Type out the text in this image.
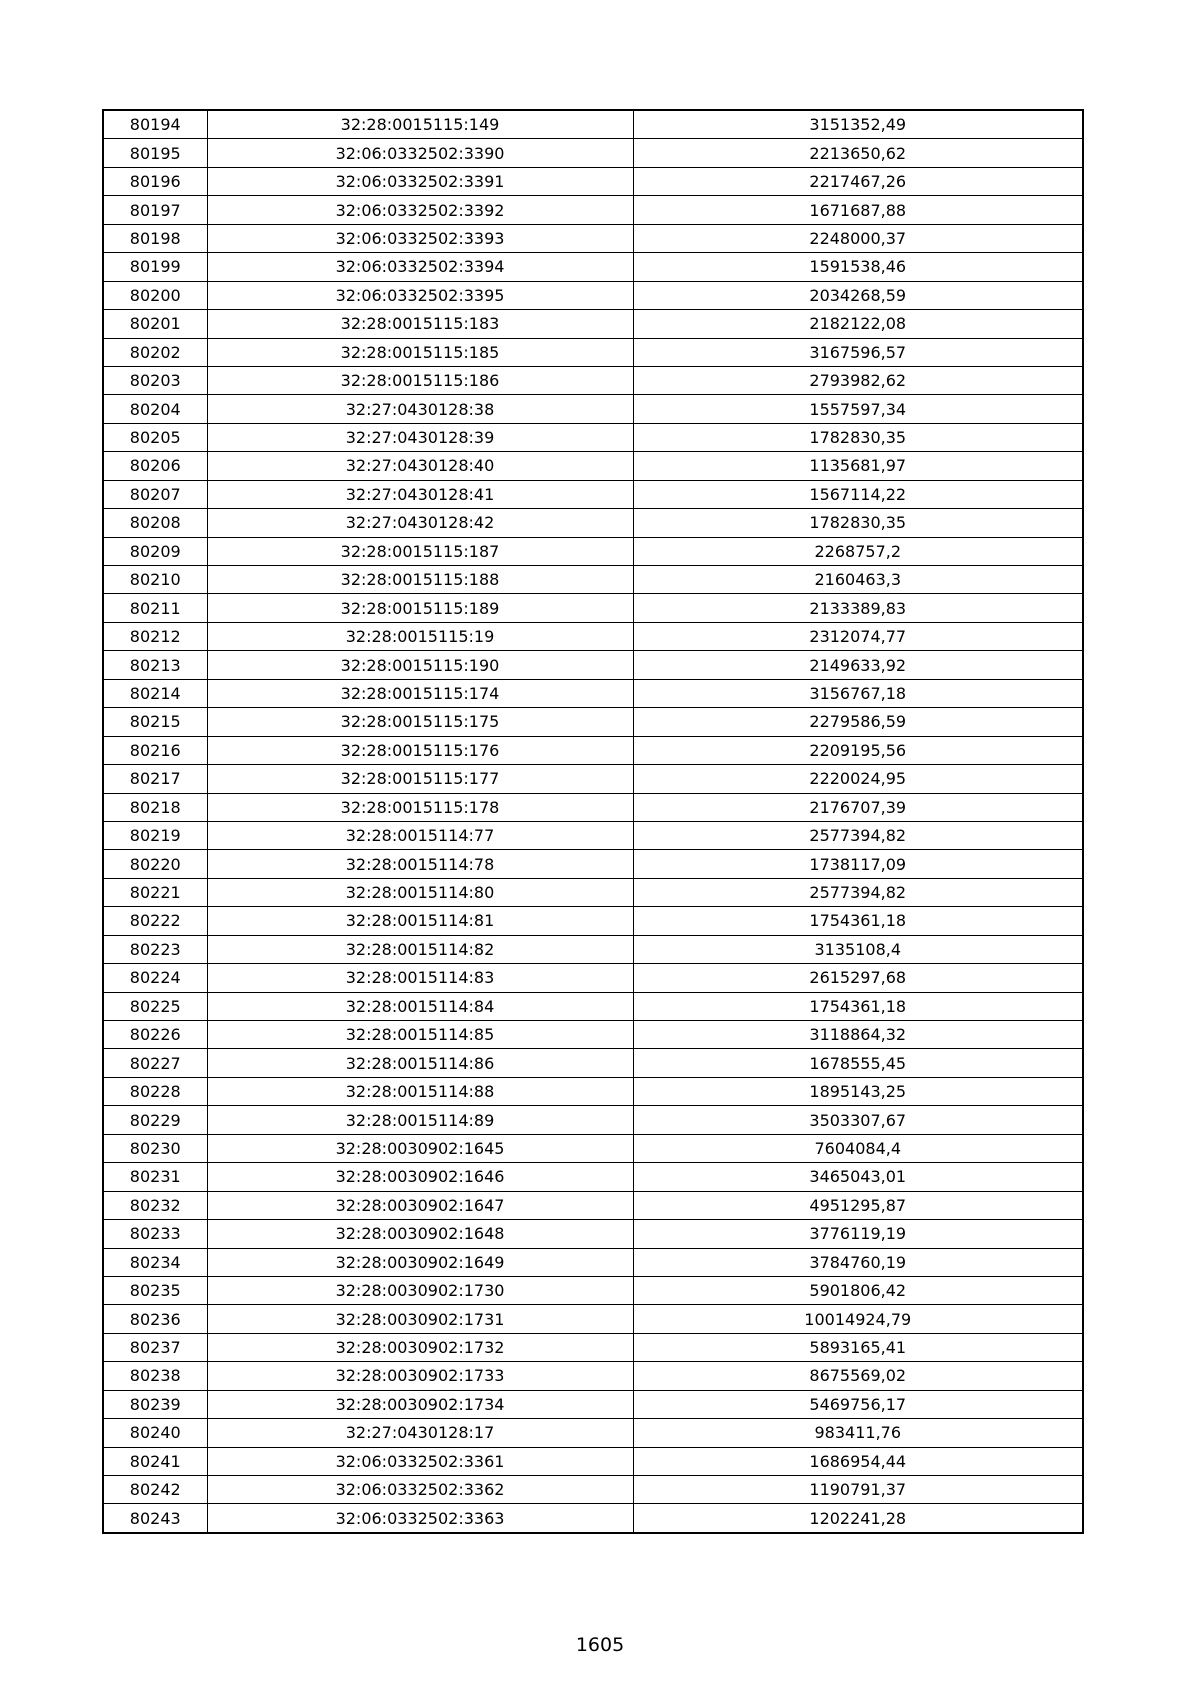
80194	32:28:0015115:149	3151352,49
80195	32:06:0332502:3390	2213650,62
80196	32:06:0332502:3391	2217467,26
80197	32:06:0332502:3392	1671687,88
80198	32:06:0332502:3393	2248000,37
80199	32:06:0332502:3394	1591538,46
80200	32:06:0332502:3395	2034268,59
80201	32:28:0015115:183	2182122,08
80202	32:28:0015115:185	3167596,57
80203	32:28:0015115:186	2793982,62
80204	32:27:0430128:38	1557597,34
80205	32:27:0430128:39	1782830,35
80206	32:27:0430128:40	1135681,97
80207	32:27:0430128:41	1567114,22
80208	32:27:0430128:42	1782830,35
80209	32:28:0015115:187	2268757,2
80210	32:28:0015115:188	2160463,3
80211	32:28:0015115:189	2133389,83
80212	32:28:0015115:19	2312074,77
80213	32:28:0015115:190	2149633,92
80214	32:28:0015115:174	3156767,18
80215	32:28:0015115:175	2279586,59
80216	32:28:0015115:176	2209195,56
80217	32:28:0015115:177	2220024,95
80218	32:28:0015115:178	2176707,39
80219	32:28:0015114:77	2577394,82
80220	32:28:0015114:78	1738117,09
80221	32:28:0015114:80	2577394,82
80222	32:28:0015114:81	1754361,18
80223	32:28:0015114:82	3135108,4
80224	32:28:0015114:83	2615297,68
80225	32:28:0015114:84	1754361,18
80226	32:28:0015114:85	3118864,32
80227	32:28:0015114:86	1678555,45
80228	32:28:0015114:88	1895143,25
80229	32:28:0015114:89	3503307,67
80230	32:28:0030902:1645	7604084,4
80231	32:28:0030902:1646	3465043,01
80232	32:28:0030902:1647	4951295,87
80233	32:28:0030902:1648	3776119,19
80234	32:28:0030902:1649	3784760,19
80235	32:28:0030902:1730	5901806,42
80236	32:28:0030902:1731	10014924,79
80237	32:28:0030902:1732	5893165,41
80238	32:28:0030902:1733	8675569,02
80239	32:28:0030902:1734	5469756,17
80240	32:27:0430128:17	983411,76
80241	32:06:0332502:3361	1686954,44
80242	32:06:0332502:3362	1190791,37
80243	32:06:0332502:3363	1202241,28
1605
